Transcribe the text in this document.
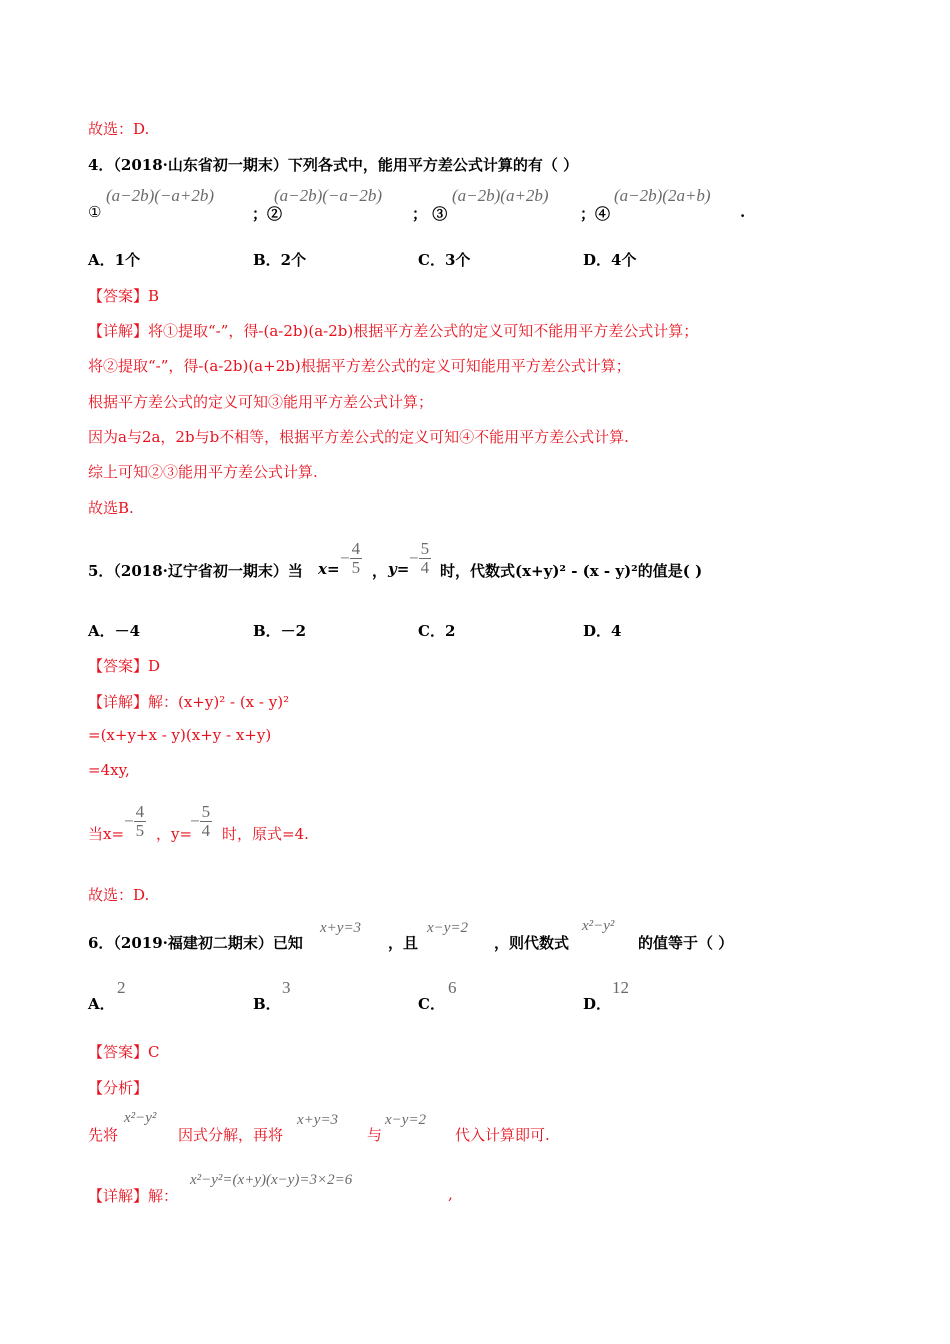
故选：D.
4．（2018·山东省初一期末）下列各式中，能用平方差公式计算的有（ ）
①
(a−2b)(−a+2b)
；②
(a−2b)(−a−2b)
； ③
(a−2b)(a+2b)
；④
(a−2b)(2a+b)
.
A．1个	B．2个	C．3个	D．4个
【答案】B
【详解】将①提取“-”，得-(a-2b)(a-2b)根据平方差公式的定义可知不能用平方差公式计算；
将②提取“-”，得-(a-2b)(a+2b)根据平方差公式的定义可知能用平方差公式计算；
根据平方差公式的定义可知③能用平方差公式计算；
因为a与2a，2b与b不相等，根据平方差公式的定义可知④不能用平方差公式计算.
综上可知②③能用平方差公式计算.
故选B.
5．（2018·辽宁省初一期末）当 x=
− $\frac{4}{5}$ ， y=
− $\frac{5}{4}$ 时，代数式(x+y)² - (x - y)²的值是( )
A．－4	B．－2	C．2	D．4
【答案】D
【详解】解：(x+y)² - (x - y)²
=(x+y+x - y)(x+y - x+y)
=4xy,
当x=
− $\frac{4}{5}$ ，y=
− $\frac{5}{4}$ 时，原式=4.
故选：D.
6．（2019·福建初二期末）已知
x+y=3
，且
x−y=2
，则代数式
x²−y²
的值等于（ ）
A．
2
B．
3
C．
6
D．
12
【答案】C
【分析】
先将
x²−y²
因式分解，再将
x+y=3
与
x−y=2
代入计算即可.
【详解】解：
x²−y²=(x+y)(x−y)=3×2=6
,
